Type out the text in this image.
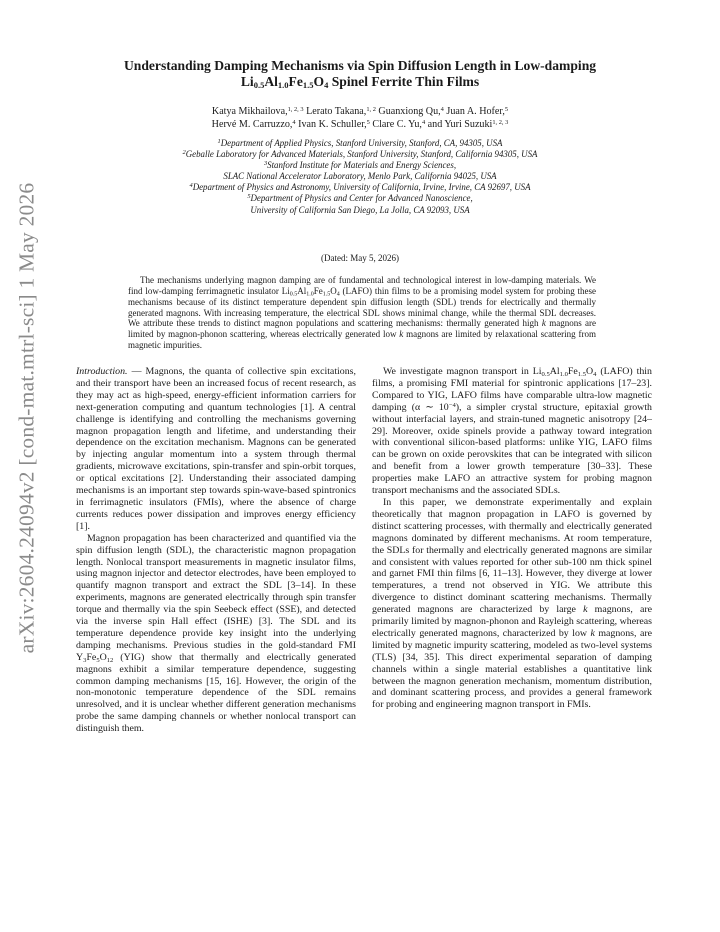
arXiv:2604.24094v2 [cond-mat.mtrl-sci] 1 May 2026
Understanding Damping Mechanisms via Spin Diffusion Length in Low-damping
$Li_{0.5}Al_{1.0}Fe_{1.5}O_4$ Spinel Ferrite Thin Films
Katya Mikhailova,$^{1, 2, 3}$ Lerato Takana,$^{1, 2}$ Guanxiong Qu,$^4$ Juan A. Hofer,$^5$
Hervé M. Carruzzo,$^4$ Ivan K. Schuller,$^5$ Clare C. Yu,$^4$ and Yuri Suzuki$^{1, 2, 3}$
$^1$Department of Applied Physics, Stanford University, Stanford, CA, 94305, USA
$^2$Geballe Laboratory for Advanced Materials, Stanford University, Stanford, California 94305, USA
$^3$Stanford Institute for Materials and Energy Sciences,
SLAC National Accelerator Laboratory, Menlo Park, California 94025, USA
$^4$Department of Physics and Astronomy, University of California, Irvine, Irvine, CA 92697, USA
$^5$Department of Physics and Center for Advanced Nanoscience,
University of California San Diego, La Jolla, CA 92093, USA
(Dated: May 5, 2026)

The mechanisms underlying magnon damping are of fundamental and technological interest in low-damping materials. We find low-damping ferrimagnetic insulator $Li_{0.5}Al_{1.0}Fe_{1.5}O_4$ (LAFO) thin films to be a promising model system for probing these mechanisms because of its distinct temperature dependent spin diffusion length (SDL) trends for electrically and thermally generated magnons. With increasing temperature, the electrical SDL shows minimal change, while the thermal SDL decreases. We attribute these trends to distinct magnon populations and scattering mechanisms: thermally generated high k magnons are limited by magnon-phonon scattering, whereas electrically generated low k magnons are limited by relaxational scattering from magnetic impurities.

Introduction. — Magnons, the quanta of collective spin excitations, and their transport have been an increased focus of recent research, as they may act as high-speed, energy-efficient information carriers for next-generation computing and quantum technologies [1]. A central challenge is identifying and controlling the mechanisms governing magnon propagation length and lifetime, and understanding their dependence on the excitation mechanism. Magnons can be generated by injecting angular momentum into a system through thermal gradients, microwave excitations, spin-transfer and spin-orbit torques, or optical excitations [2]. Understanding their associated damping mechanisms is an important step towards spin-wave-based spintronics in ferrimagnetic insulators (FMIs), where the absence of charge currents reduces power dissipation and improves energy efficiency [1].

Magnon propagation has been characterized and quantified via the spin diffusion length (SDL), the characteristic magnon propagation length. Nonlocal transport measurements in magnetic insulator films, using magnon injector and detector electrodes, have been employed to quantify magnon transport and extract the SDL [3–14]. In these experiments, magnons are generated electrically through spin transfer torque and thermally via the spin Seebeck effect (SSE), and detected via the inverse spin Hall effect (ISHE) [3]. The SDL and its temperature dependence provide key insight into the underlying damping mechanisms. Previous studies in the gold-standard FMI $Y_3Fe_5O_{12}$ (YIG) show that thermally and electrically generated magnons exhibit a similar temperature dependence, suggesting common damping mechanisms [15, 16]. However, the origin of the non-monotonic temperature dependence of the SDL remains unresolved, and it is unclear whether different generation mechanisms probe the same damping channels or whether nonlocal transport can distinguish them.

We investigate magnon transport in $Li_{0.5}Al_{1.0}Fe_{1.5}O_4$ (LAFO) thin films, a promising FMI material for spintronic applications [17–23]. Compared to YIG, LAFO films have comparable ultra-low magnetic damping (α ∼ $10^{-4}$), a simpler crystal structure, epitaxial growth without interfacial layers, and strain-tuned magnetic anisotropy [24–29]. Moreover, oxide spinels provide a pathway toward integration with conventional silicon-based platforms: unlike YIG, LAFO films can be grown on oxide perovskites that can be integrated with silicon and benefit from a lower growth temperature [30–33]. These properties make LAFO an attractive system for probing magnon transport mechanisms and the associated SDLs.

In this paper, we demonstrate experimentally and explain theoretically that magnon propagation in LAFO is governed by distinct scattering processes, with thermally and electrically generated magnons dominated by different mechanisms. At room temperature, the SDLs for thermally and electrically generated magnons are similar and consistent with values reported for other sub-100 nm thick spinel and garnet FMI thin films [6, 11–13]. However, they diverge at lower temperatures, a trend not observed in YIG. We attribute this divergence to distinct dominant scattering mechanisms. Thermally generated magnons are characterized by large k magnons, are primarily limited by magnon-phonon and Rayleigh scattering, whereas electrically generated magnons, characterized by low k magnons, are limited by magnetic impurity scattering, modeled as two-level systems (TLS) [34, 35]. This direct experimental separation of damping channels within a single material establishes a quantitative link between the magnon generation mechanism, momentum distribution, and dominant scattering process, and provides a general framework for probing and engineering magnon transport in FMIs.
